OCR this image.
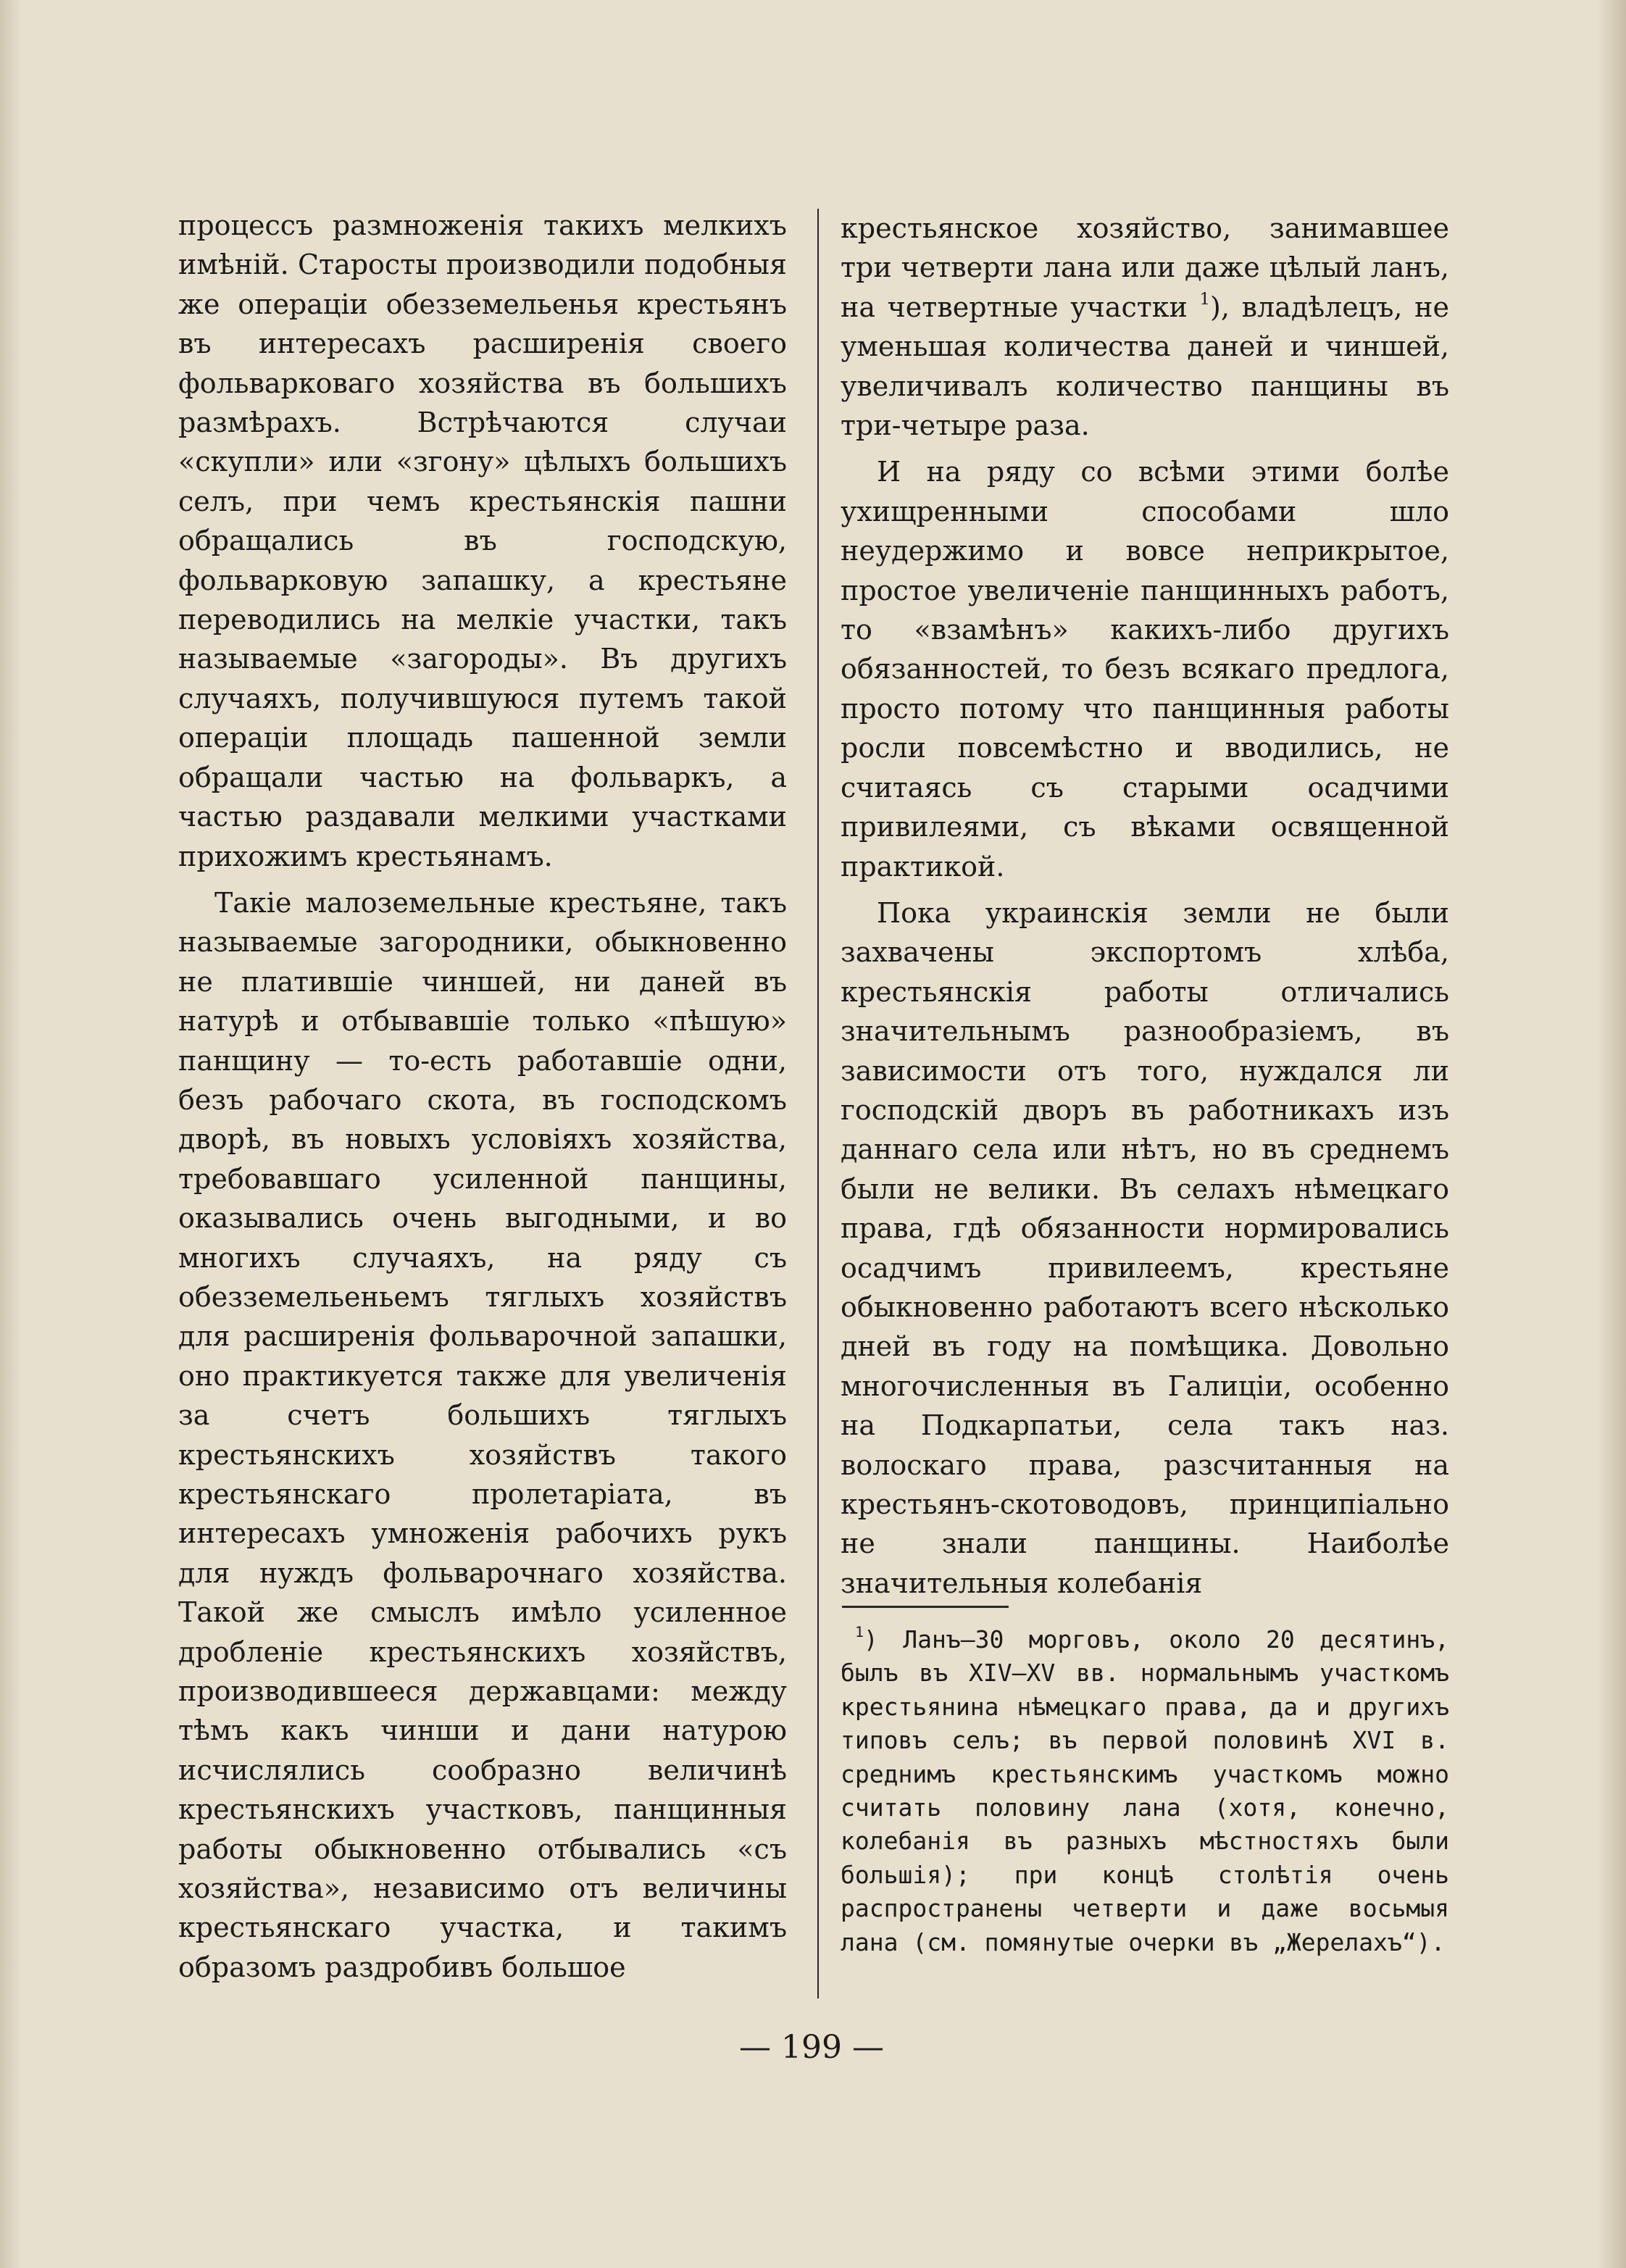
процессъ размноженія такихъ мелкихъ имѣній. Старосты производили подобныя же операціи обезземельенья крестьянъ въ интересахъ расширенія своего фольварковаго хозяйства въ большихъ размѣрахъ. Встрѣчаются случаи «скупли» или «згону» цѣлыхъ большихъ селъ, при чемъ крестьянскія пашни обращались въ господскую, фольварковую запашку, а крестьяне переводились на мелкіе участки, такъ называемые «загороды». Въ другихъ случаяхъ, получившуюся путемъ такой операціи площадь пашенной земли обращали частью на фольваркъ, а частью раздавали мелкими участками прихожимъ крестьянамъ.

Такіе малоземельные крестьяне, такъ называемые загородники, обыкновенно не платившіе чиншей, ни даней въ натурѣ и отбывавшіе только «пѣшую» панщину — то-есть работавшіе одни, безъ рабочаго скота, въ господскомъ дворѣ, въ новыхъ условіяхъ хозяйства, требовавшаго усиленной панщины, оказывались очень выгодными, и во многихъ случаяхъ, на ряду съ обезземельеньемъ тяглыхъ хозяйствъ для расширенія фольварочной запашки, оно практикуется также для увеличенія за счетъ большихъ тяглыхъ крестьянскихъ хозяйствъ такого крестьянскаго пролетаріата, въ интересахъ умноженія рабочихъ рукъ для нуждъ фольварочнаго хозяйства. Такой же смыслъ имѣло усиленное дробленіе крестьянскихъ хозяйствъ, производившееся державцами: между тѣмъ какъ чинши и дани натурою исчислялись сообразно величинѣ крестьянскихъ участковъ, панщинныя работы обыкновенно отбывались «съ хозяйства», независимо отъ величины крестьянскаго участка, и такимъ образомъ раздробивъ большое

крестьянское хозяйство, занимавшее три четверти лана или даже цѣлый ланъ, на четвертные участки $^1$), владѣлецъ, не уменьшая количества даней и чиншей, увеличивалъ количество панщины въ три-четыре раза.

И на ряду со всѣми этими болѣе ухищренными способами шло неудержимо и вовсе неприкрытое, простое увеличеніе панщинныхъ работъ, то «взамѣнъ» какихъ-либо другихъ обязанностей, то безъ всякаго предлога, просто потому что панщинныя работы росли повсемѣстно и вводились, не считаясь съ старыми осадчими привилеями, съ вѣками освященной практикой.

Пока украинскія земли не были захвачены экспортомъ хлѣба, крестьянскія работы отличались значительнымъ разнообразіемъ, въ зависимости отъ того, нуждался ли господскій дворъ въ работникахъ изъ даннаго села или нѣтъ, но въ среднемъ были не велики. Въ селахъ нѣмецкаго права, гдѣ обязанности нормировались осадчимъ привилеемъ, крестьяне обыкновенно работаютъ всего нѣсколько дней въ году на помѣщика. Довольно многочисленныя въ Галиціи, особенно на Подкарпатьи, села такъ наз. волоскаго права, разсчитанныя на крестьянъ-скотоводовъ, принципіально не знали панщины. Наиболѣе значительныя колебанія

$^1$) Ланъ—30 морговъ, около 20 десятинъ, былъ въ XIV—XV вв. нормальнымъ участкомъ крестьянина нѣмецкаго права, да и другихъ типовъ селъ; въ первой половинѣ XVI в. среднимъ крестьянскимъ участкомъ можно считать половину лана (хотя, конечно, колебанія въ разныхъ мѣстностяхъ были большія); при концѣ столѣтія очень распространены четверти и даже восьмыя лана (см. помянутые очерки въ „Жерелахъ“).

— 199 —
